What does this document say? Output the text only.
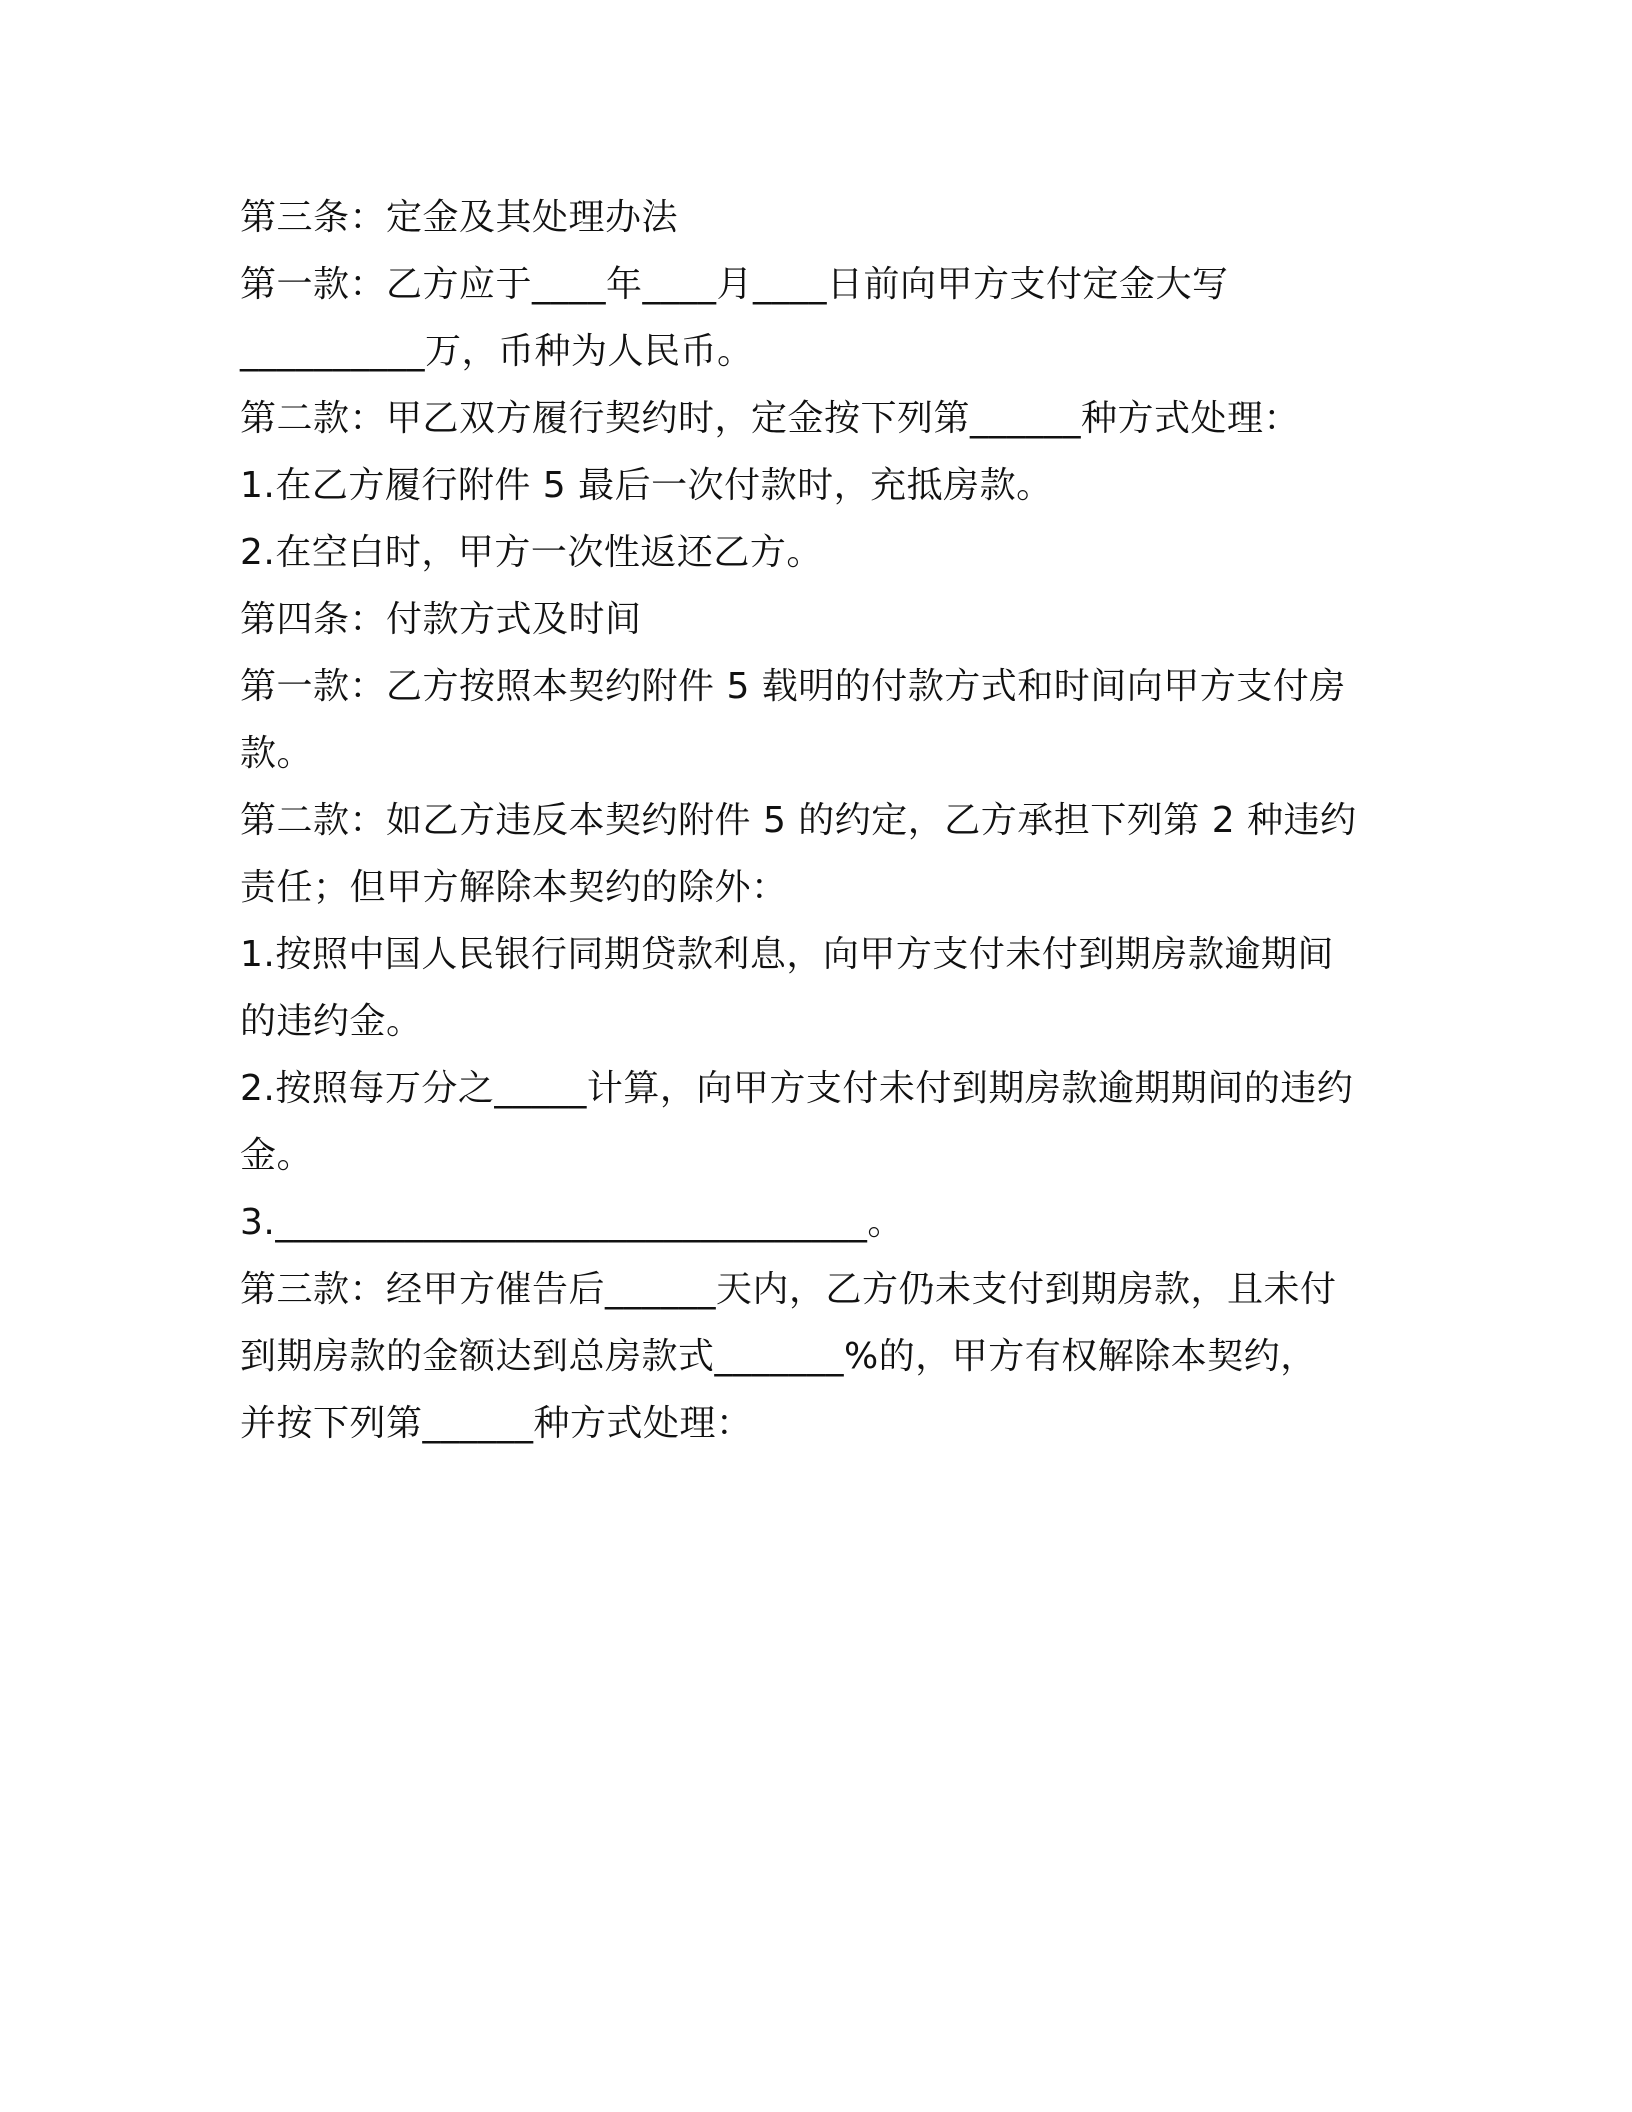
第三条：定金及其处理办法
第一款：乙方应于____年____月____日前向甲方支付定金大写
__________万，币种为人民币。
第二款：甲乙双方履行契约时，定金按下列第______种方式处理：
1.在乙方履行附件 5 最后一次付款时，充抵房款。
2.在空白时，甲方一次性返还乙方。
第四条：付款方式及时间
第一款：乙方按照本契约附件 5 载明的付款方式和时间向甲方支付房
款。
第二款：如乙方违反本契约附件 5 的约定，乙方承担下列第 2 种违约
责任；但甲方解除本契约的除外：
1.按照中国人民银行同期贷款利息，向甲方支付未付到期房款逾期间
的违约金。
2.按照每万分之_____计算，向甲方支付未付到期房款逾期期间的违约
金。
3.________________________________。
第三款：经甲方催告后______天内，乙方仍未支付到期房款，且未付
到期房款的金额达到总房款式_______%的，甲方有权解除本契约，
并按下列第______种方式处理：
